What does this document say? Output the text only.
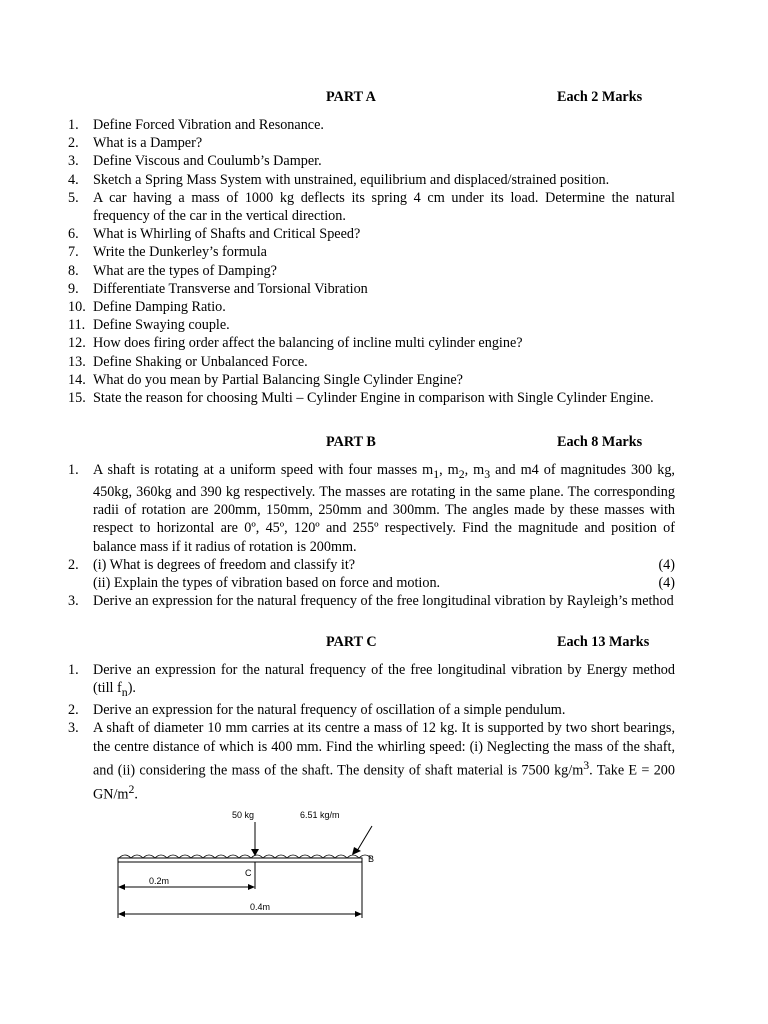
PART A	Each 2 Marks
1.	Define Forced Vibration and Resonance.
2.	What is a Damper?
3.	Define Viscous and Coulumb’s Damper.
4.	Sketch a Spring Mass System with unstrained, equilibrium and displaced/strained position.
5.	A car having a mass of 1000 kg deflects its spring 4 cm under its load. Determine the natural frequency of the car in the vertical direction.
6.	What is Whirling of Shafts and Critical Speed?
7.	Write the Dunkerley’s formula
8.	What are the types of Damping?
9.	Differentiate Transverse and Torsional Vibration
10. Define Damping Ratio.
11. Define Swaying couple.
12. How does firing order affect the balancing of incline multi cylinder engine?
13. Define Shaking or Unbalanced Force.
14. What do you mean by Partial Balancing Single Cylinder Engine?
15. State the reason for choosing Multi – Cylinder Engine in comparison with Single Cylinder Engine.
PART B	Each 8 Marks
1.	A shaft is rotating at a uniform speed with four masses $m_1$, $m_2$, $m_3$ and m4 of magnitudes 300 kg, 450kg, 360kg and 390 kg respectively. The masses are rotating in the same plane. The corresponding radii of rotation are 200mm, 150mm, 250mm and 300mm. The angles made by these masses with respect to horizontal are 0º, 45º, 120º and 255º respectively. Find the magnitude and position of balance mass if it radius of rotation is 200mm.
2.	(i) What is degrees of freedom and classify it?	(4)
(ii) Explain the types of vibration based on force and motion.	(4)
3.	Derive an expression for the natural frequency of the free longitudinal vibration by Rayleigh’s method
PART C	Each 13 Marks
1.	Derive an expression for the natural frequency of the free longitudinal vibration by Energy method (till $f_n$).
2.	Derive an expression for the natural frequency of oscillation of a simple pendulum.
3.	A shaft of diameter 10 mm carries at its centre a mass of 12 kg. It is supported by two short bearings, the centre distance of which is 400 mm. Find the whirling speed: (i) Neglecting the mass of the shaft, and (ii) considering the mass of the shaft. The density of shaft material is 7500 $kg/m^3$. Take E = 200 $GN/m^2$.
50 kg	6.51 kg/m
B
C
0.2m
0.4m
